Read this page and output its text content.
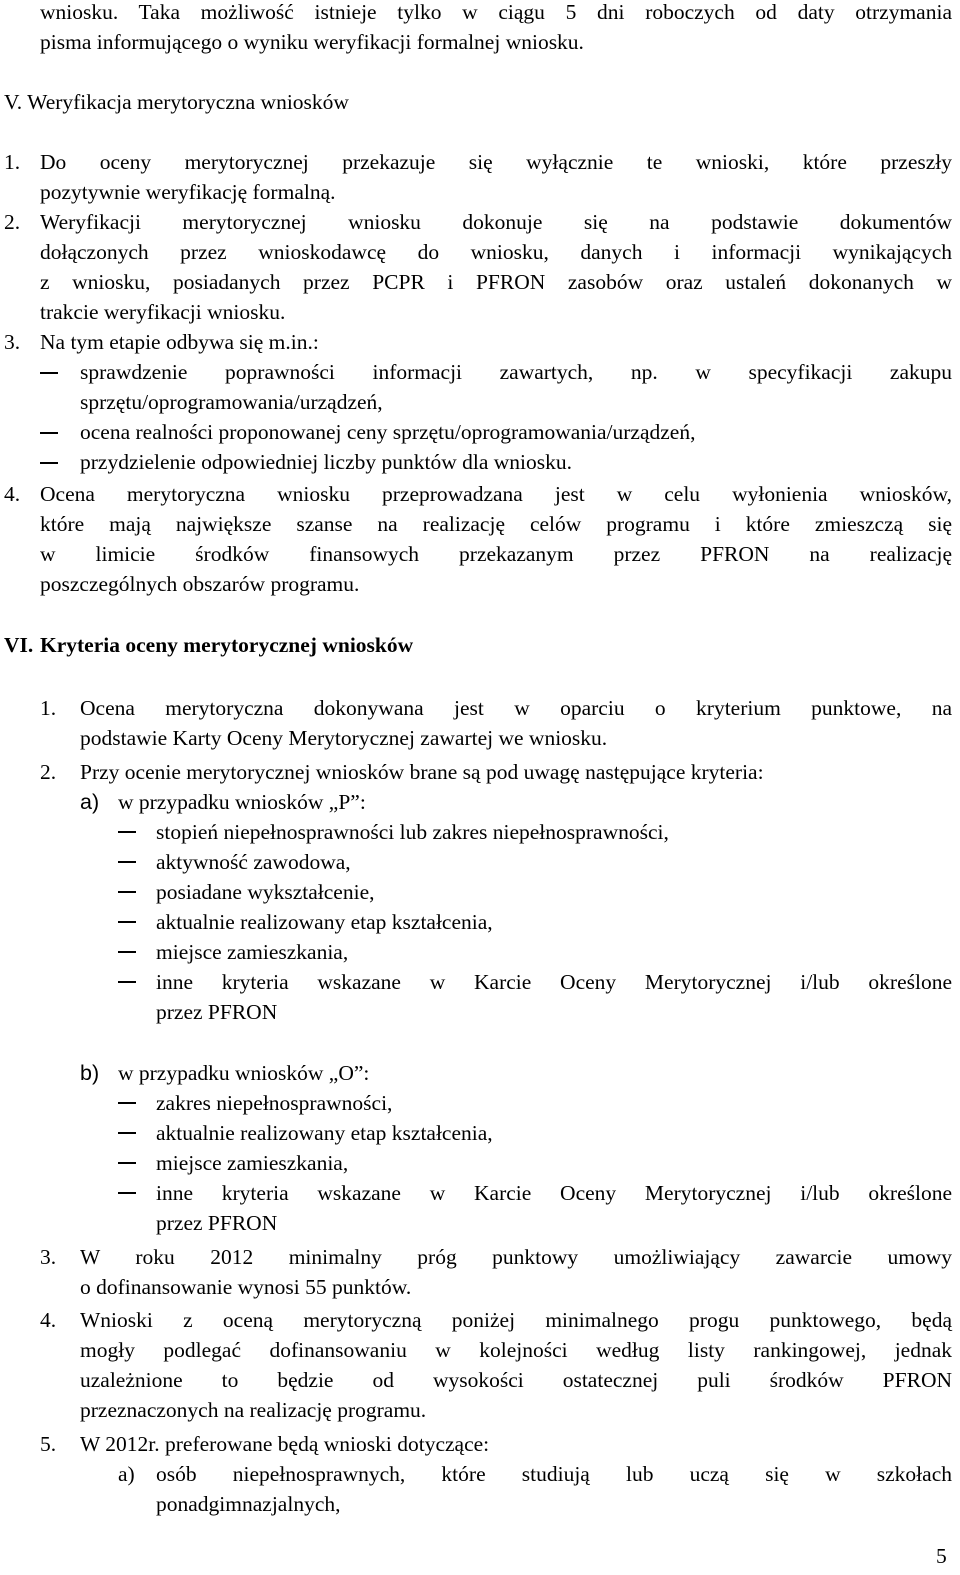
wniosku. Taka możliwość istnieje tylko w ciągu 5 dni roboczych od daty otrzymania
pisma informującego o wyniku weryfikacji formalnej wniosku.
V. Weryfikacja merytoryczna wniosków
1. Do oceny merytorycznej przekazuje się wyłącznie te wnioski, które przeszły
pozytywnie weryfikację formalną.
2. Weryfikacji merytorycznej wniosku dokonuje się na podstawie dokumentów
dołączonych przez wnioskodawcę do wniosku, danych i informacji wynikających
z wniosku, posiadanych przez PCPR i PFRON zasobów oraz ustaleń dokonanych w
trakcie weryfikacji wniosku.
3. Na tym etapie odbywa się m.in.:
sprawdzenie poprawności informacji zawartych, np. w specyfikacji zakupu
sprzętu/oprogramowania/urządzeń,
ocena realności proponowanej ceny sprzętu/oprogramowania/urządzeń,
przydzielenie odpowiedniej liczby punktów dla wniosku.
4. Ocena merytoryczna wniosku przeprowadzana jest w celu wyłonienia wniosków,
które mają największe szanse na realizację celów programu i które zmieszczą się
w limicie środków finansowych przekazanym przez PFRON na realizację
poszczególnych obszarów programu.
VI. Kryteria oceny merytorycznej wniosków
1. Ocena merytoryczna dokonywana jest w oparciu o kryterium punktowe, na
podstawie Karty Oceny Merytorycznej zawartej we wniosku.
2. Przy ocenie merytorycznej wniosków brane są pod uwagę następujące kryteria:
a) w przypadku wniosków „P”:
stopień niepełnosprawności lub zakres niepełnosprawności,
aktywność zawodowa,
posiadane wykształcenie,
aktualnie realizowany etap kształcenia,
miejsce zamieszkania,
inne kryteria wskazane w Karcie Oceny Merytorycznej i/lub określone
przez PFRON
b) w przypadku wniosków „O”:
zakres niepełnosprawności,
aktualnie realizowany etap kształcenia,
miejsce zamieszkania,
inne kryteria wskazane w Karcie Oceny Merytorycznej i/lub określone
przez PFRON
3. W roku 2012 minimalny próg punktowy umożliwiający zawarcie umowy
o dofinansowanie wynosi 55 punktów.
4. Wnioski z oceną merytoryczną poniżej minimalnego progu punktowego, będą
mogły podlegać dofinansowaniu w kolejności według listy rankingowej, jednak
uzależnione to będzie od wysokości ostatecznej puli środków PFRON
przeznaczonych na realizację programu.
5. W 2012r. preferowane będą wnioski dotyczące:
a) osób niepełnosprawnych, które studiują lub uczą się w szkołach
ponadgimnazjalnych,
5
